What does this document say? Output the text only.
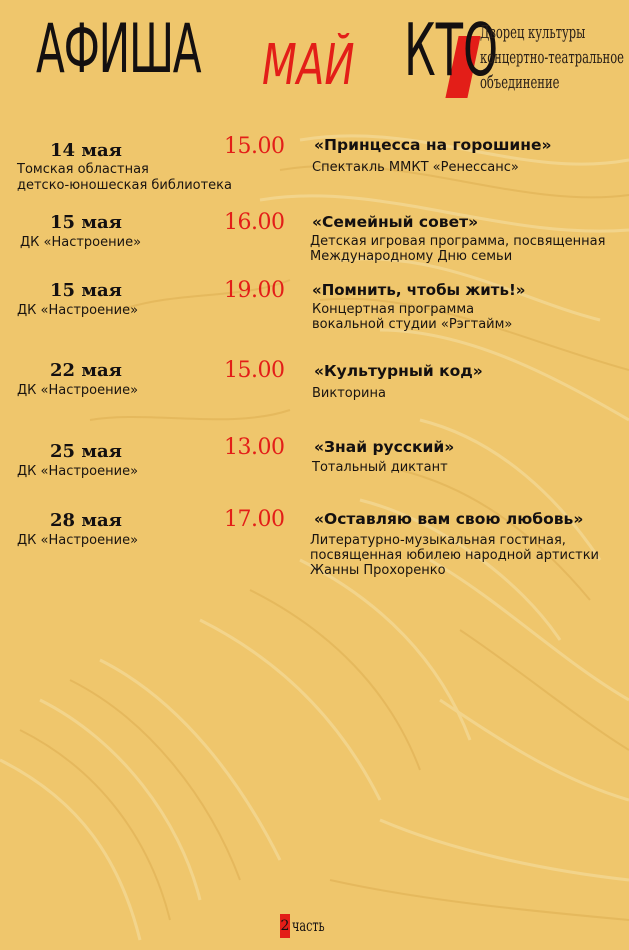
АФИША МАЙ КТО
Дворец культуры
концертно-театральное
объединение
14 мая
Томская областная
детско-юношеская библиотека
15.00 «Принцесса на горошине»
Спектакль ММКТ «Ренессанс»
15 мая
ДК «Настроение»
16.00 «Семейный совет»
Детская игровая программа, посвященная
Международному Дню семьи
15 мая
ДК «Настроение»
19.00 «Помнить, чтобы жить!»
Концертная программа
вокальной студии «Рэгтайм»
22 мая
ДК «Настроение»
15.00 «Культурный код»
Викторина
25 мая
ДК «Настроение»
13.00 «Знай русский»
Тотальный диктант
28 мая
ДК «Настроение»
17.00 «Оставляю вам свою любовь»
Литературно-музыкальная гостиная,
посвященная юбилею народной артистки
Жанны Прохоренко
2 часть
